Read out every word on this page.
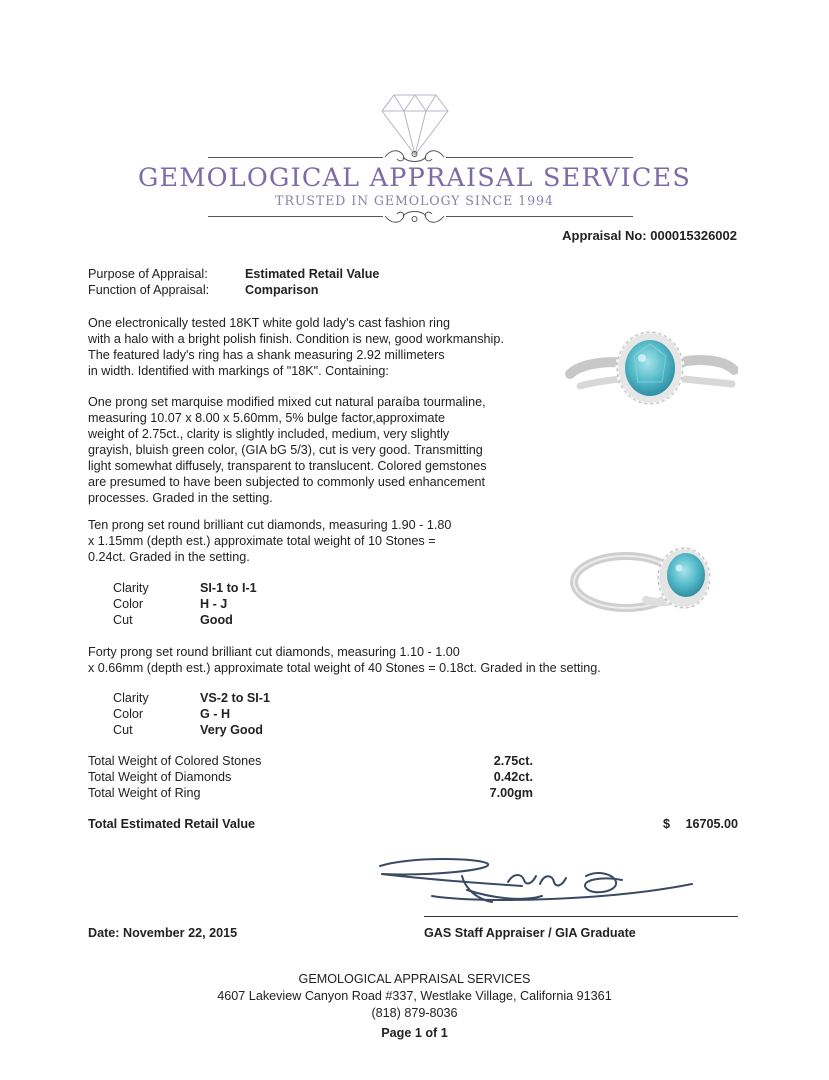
GEMOLOGICAL APPRAISAL SERVICES
TRUSTED IN GEMOLOGY SINCE 1994
Appraisal No: 000015326002
Purpose of Appraisal:	Estimated Retail Value
Function of Appraisal:	Comparison
One electronically tested 18KT white gold lady's cast fashion ring
with a halo with a bright polish finish. Condition is new, good workmanship.
The featured lady's ring has a shank measuring 2.92 millimeters
in width. Identified with markings of "18K". Containing:
One prong set marquise modified mixed cut natural paraíba tourmaline,
measuring 10.07 x 8.00 x 5.60mm, 5% bulge factor,approximate
weight of 2.75ct., clarity is slightly included, medium, very slightly
grayish, bluish green color, (GIA bG 5/3), cut is very good. Transmitting
light somewhat diffusely, transparent to translucent. Colored gemstones
are presumed to have been subjected to commonly used enhancement
processes. Graded in the setting.
Ten prong set round brilliant cut diamonds, measuring 1.90 - 1.80
x 1.15mm (depth est.) approximate total weight of 10 Stones =
0.24ct. Graded in the setting.
Clarity	SI-1 to I-1
Color	H - J
Cut	Good
Forty prong set round brilliant cut diamonds, measuring 1.10 - 1.00
x 0.66mm (depth est.) approximate total weight of 40 Stones = 0.18ct. Graded in the setting.
Clarity	VS-2 to SI-1
Color	G - H
Cut	Very Good
Total Weight of Colored Stones	2.75ct.
Total Weight of Diamonds	0.42ct.
Total Weight of Ring	7.00gm
Total Estimated Retail Value	$	16705.00
Date: November 22, 2015	GAS Staff Appraiser / GIA Graduate
GEMOLOGICAL APPRAISAL SERVICES
4607 Lakeview Canyon Road #337, Westlake Village, California 91361
(818) 879-8036
Page 1 of 1
